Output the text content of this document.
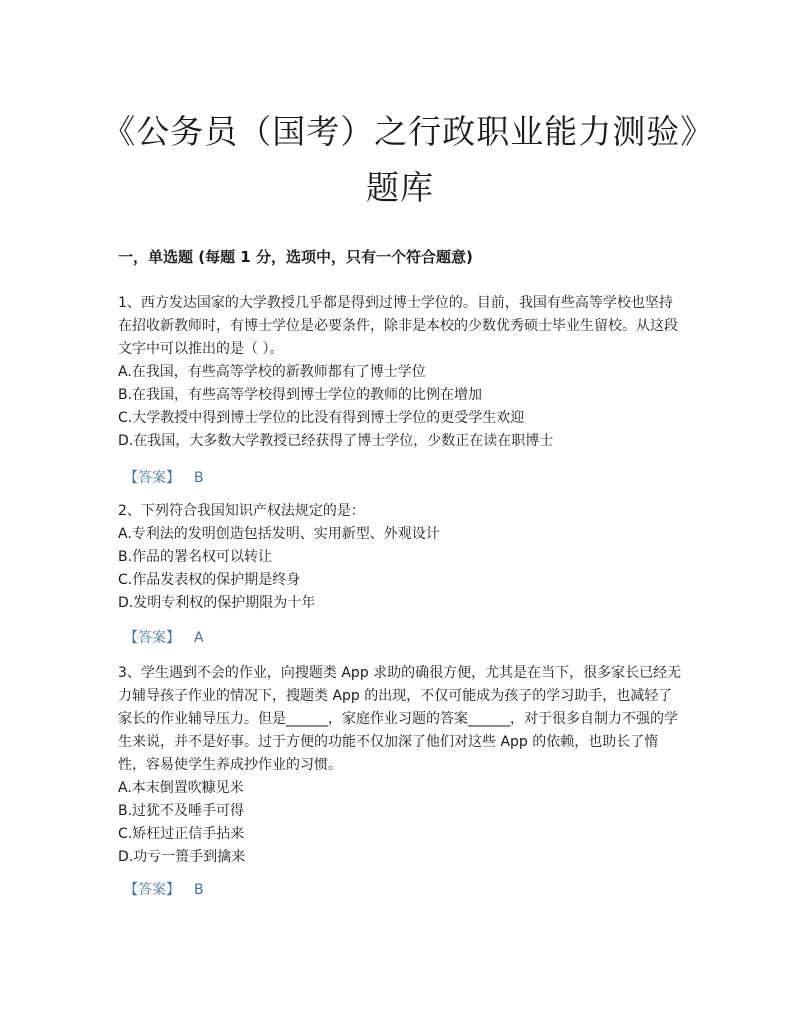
《公务员（国考）之行政职业能力测验》题库
一，单选题 (每题 1 分，选项中，只有一个符合题意)

1、西方发达国家的大学教授几乎都是得到过博士学位的。目前，我国有些高等学校也坚持在招收新教师时，有博士学位是必要条件，除非是本校的少数优秀硕士毕业生留校。从这段文字中可以推出的是（ ）。

A.在我国，有些高等学校的新教师都有了博士学位

B.在我国，有些高等学校得到博士学位的教师的比例在增加

C.大学教授中得到博士学位的比没有得到博士学位的更受学生欢迎

D.在我国，大多数大学教授已经获得了博士学位，少数正在读在职博士

【答案】 B

2、下列符合我国知识产权法规定的是：

A.专利法的发明创造包括发明、实用新型、外观设计

B.作品的署名权可以转让

C.作品发表权的保护期是终身

D.发明专利权的保护期限为十年

【答案】 A

3、学生遇到不会的作业，向搜题类 App 求助的确很方便，尤其是在当下，很多家长已经无力辅导孩子作业的情况下，搜题类 App 的出现，不仅可能成为孩子的学习助手，也减轻了家长的作业辅导压力。但是______，家庭作业习题的答案______，对于很多自制力不强的学生来说，并不是好事。过于方便的功能不仅加深了他们对这些 App 的依赖，也助长了惰性，容易使学生养成抄作业的习惯。

A.本末倒置吹糠见米

B.过犹不及唾手可得

C.矫枉过正信手拈来

D.功亏一篑手到擒来

【答案】 B
